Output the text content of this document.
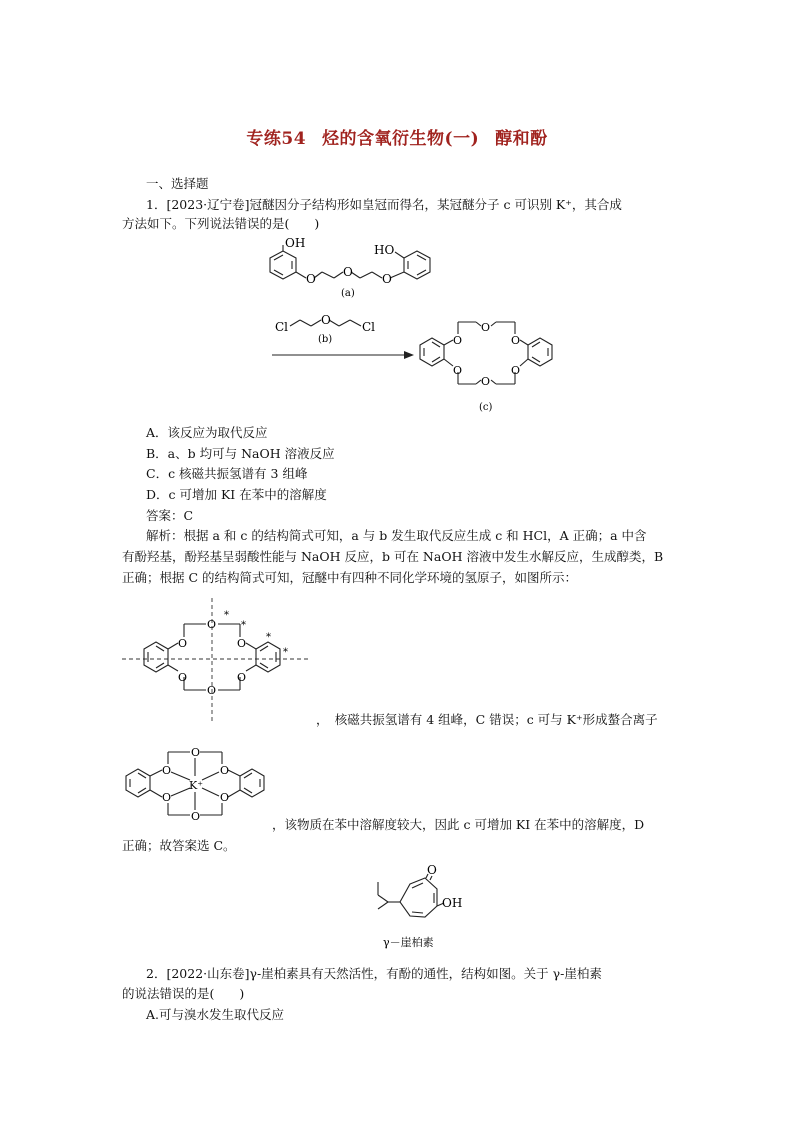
专练54 烃的含氧衍生物(一) 醇和酚
一、选择题
1．[2023·辽宁卷]冠醚因分子结构形如皇冠而得名，某冠醚分子 c 可识别 K⁺，其合成
方法如下。下列说法错误的是(　　)
OH
O O O
HO
(a)
Cl	O	Cl
(b)	O
O
O
O
O
O
(c)
A．该反应为取代反应
B．a、b 均可与 NaOH 溶液反应
C．c 核磁共振氢谱有 3 组峰
D．c 可增加 KI 在苯中的溶解度
答案：C
解析：根据 a 和 c 的结构简式可知，a 与 b 发生取代反应生成 c 和 HCl，A 正确；a 中含
有酚羟基，酚羟基呈弱酸性能与 NaOH 反应，b 可在 NaOH 溶液中发生水解反应，生成醇类，B
正确；根据 C 的结构简式可知，冠醚中有四种不同化学环境的氢原子，如图所示：
O
O
O
O
O
O
*
*
*
*
，　核磁共振氢谱有 4 组峰，C 错误；c 可与 K⁺形成螯合离子
O
O
O
O
O
O
K⁺
，该物质在苯中溶解度较大，因此 c 可增加 KI 在苯中的溶解度，D
正确；故答案选 C。
O
OH
γ－崖柏素
2．[2022·山东卷]γ-崖柏素具有天然活性，有酚的通性，结构如图。关于 γ-崖柏素
的说法错误的是(　　)
A.可与溴水发生取代反应
